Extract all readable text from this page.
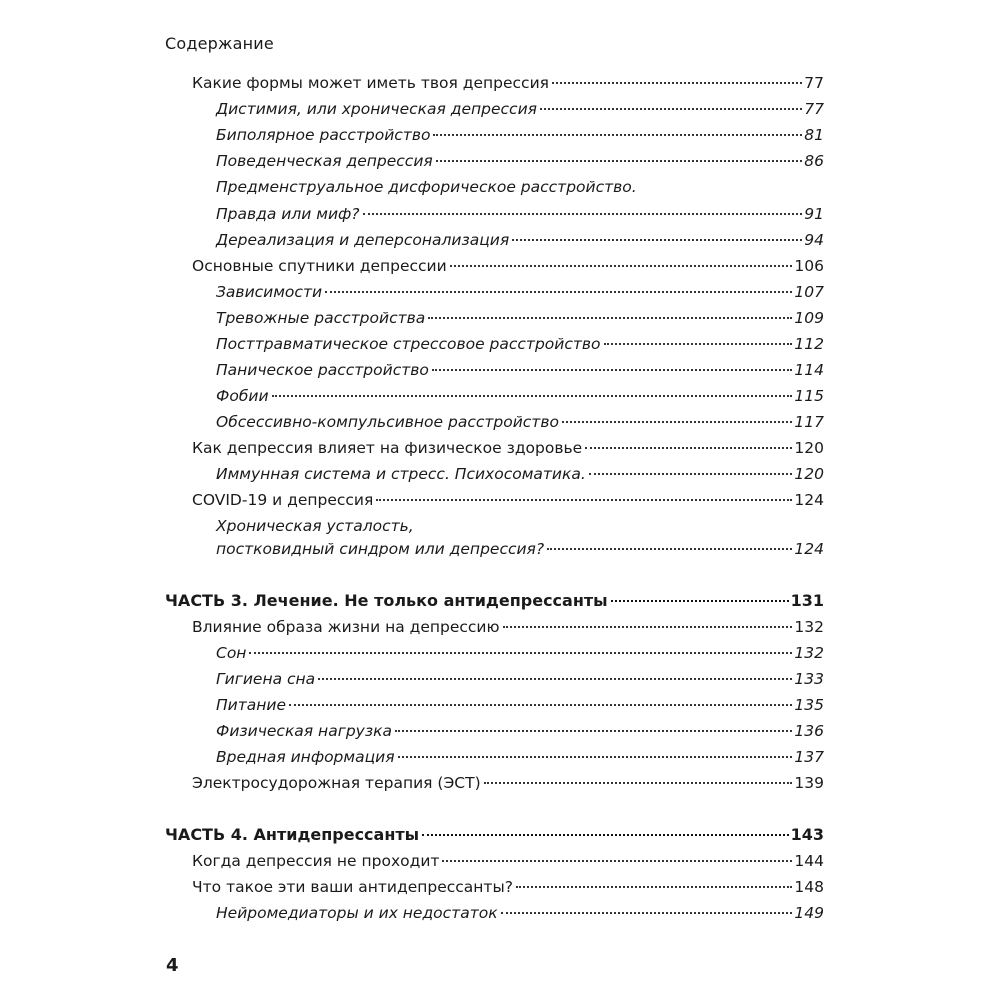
Содержание
Какие формы может иметь твоя депрессия	77
Дистимия, или хроническая депрессия	77
Биполярное расстройство	81
Поведенческая депрессия	86
Предменструальное дисфорическое расстройство.
Правда или миф?	91
Дереализация и деперсонализация	94
Основные спутники депрессии	106
Зависимости	107
Тревожные расстройства	109
Посттравматическое стрессовое расстройство	112
Паническое расстройство	114
Фобии	115
Обсессивно-компульсивное расстройство	117
Как депрессия влияет на физическое здоровье	120
Иммунная система и стресс. Психосоматика.	120
COVID-19 и депрессия	124
Хроническая усталость,
постковидный синдром или депрессия?	124
ЧАСТЬ 3. Лечение. Не только антидепрессанты	131
Влияние образа жизни на депрессию	132
Сон	132
Гигиена сна	133
Питание	135
Физическая нагрузка	136
Вредная информация	137
Электросудорожная терапия (ЭСТ)	139
ЧАСТЬ 4. Антидепрессанты	143
Когда депрессия не проходит	144
Что такое эти ваши антидепрессанты?	148
Нейромедиаторы и их недостаток	149
4
